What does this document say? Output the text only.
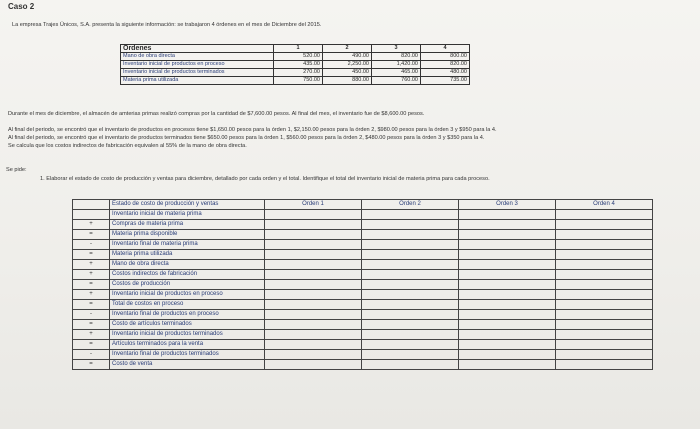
Caso 2
La empresa Trajes Únicos, S.A. presenta la siguiente información: se trabajaron 4 órdenes en el mes de Diciembre del 2015.
Ordenes	1	2	3	4
Mano de obra directa	520.00	490.00	820.00	800.00
Inventario inicial de productos en proceso	435.00	2,250.00	1,420.00	820.00
Inventario inicial de productos terminados	270.00	450.00	465.00	480.00
Materia prima utilizada	750.00	880.00	760.00	735.00
Durante el mes de diciembre, el almacén de amterias primas realizó compras por la cantidad de $7,600.00 pesos. Al final del mes, el inventario fue de $8,600.00 pesos.
Al final del periodo, se encontró que el inventario de productos en procesos tiene $1,650.00 pesos para la órden 1, $2,150.00 pesos para la órden 2, $980.00 pesos para la órden 3 y $950 para la 4.
Al final del periodo, se encontró que el inventario de productos terminados tiene $650.00 pesos para la órden 1, $560.00 pesos para la órden 2, $480.00 pesos para la órden 3 y $350 para la 4.
Se calcula que los costos indirectos de fabricación equivalen al 55% de la mano de obra directa.
Se pide:
1. Elaborar el estado de costo de producción y ventas para diciembre, detallado por cada orden y el total. Identifique el total del inventario inicial de materia prima para cada proceso.
	Estado de costo de producción y ventas	Orden 1	Orden 2	Orden 3	Orden 4
	Inventario inicial de materia prima				
+	Compras de materia prima				
=	Materia prima disponible				
-	Inventario final de materia prima				
=	Materia prima utilizada				
+	Mano de obra directa				
+	Costos indirectos de fabricación				
=	Costos de producción				
+	Inventario inicial de productos en proceso				
=	Total de costos en proceso				
-	Inventario final de productos en proceso				
=	Costo de artículos terminados				
+	Inventario inicial de productos terminados				
=	Artículos terminados para la venta				
-	Inventario final de productos terminados				
=	Costo de venta				
